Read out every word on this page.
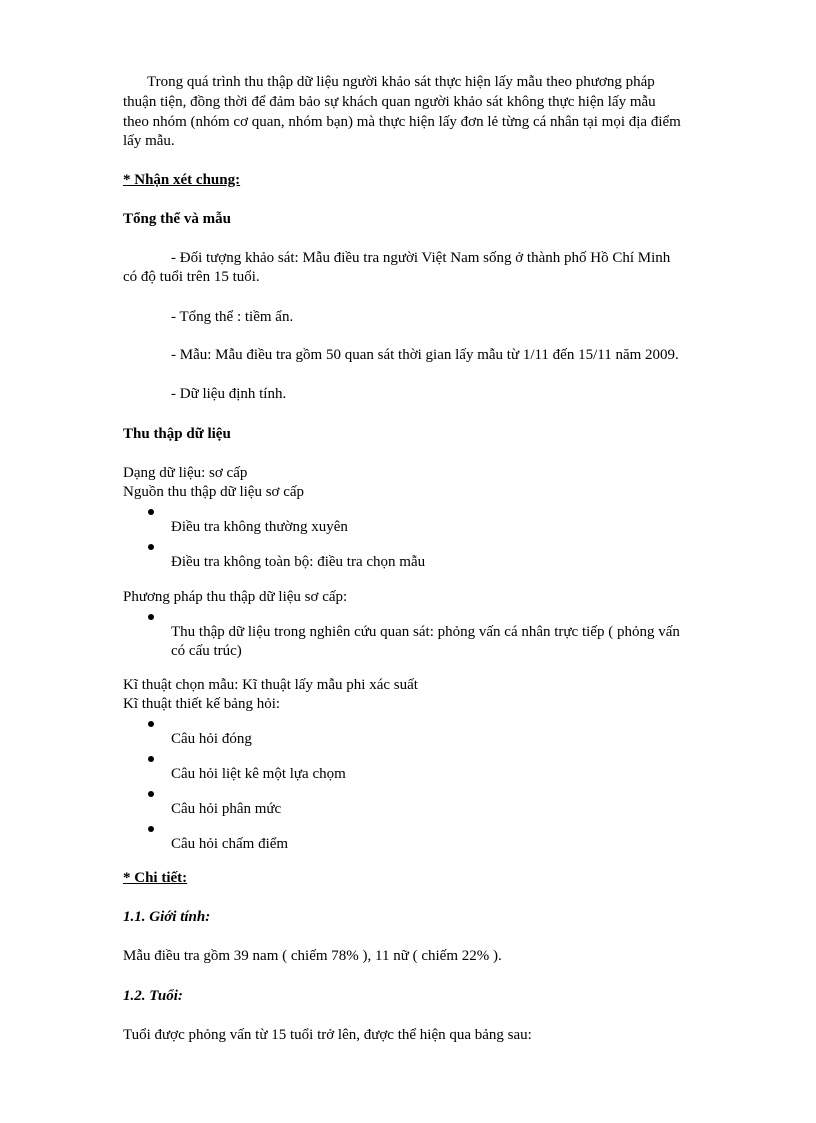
Trong quá trình thu thập dữ liệu người khảo sát thực hiện lấy mẫu theo phương pháp
thuận tiện, đồng thời để đảm bảo sự khách quan người khảo sát không thực hiện lấy mẫu
theo nhóm (nhóm cơ quan, nhóm bạn) mà thực hiện lấy đơn lẻ từng cá nhân tại mọi địa điểm
lấy mẫu.
* Nhận xét chung:
Tổng thể và mẫu
- Đối tượng khảo sát: Mẫu điều tra người Việt Nam sống ở thành phố Hồ Chí Minh
có độ tuổi trên 15 tuổi.
- Tổng thể : tiềm ẩn.
- Mẫu: Mẫu điều tra gồm 50 quan sát thời gian lấy mẫu từ 1/11 đến 15/11 năm 2009.
- Dữ liệu định tính.
Thu thập dữ liệu
Dạng dữ liệu: sơ cấp
Nguồn thu thập dữ liệu sơ cấp
Điều tra không thường xuyên
Điều tra không toàn bộ: điều tra chọn mẫu
Phương pháp thu thập dữ liệu sơ cấp:
Thu thập dữ liệu trong nghiên cứu quan sát: phỏng vấn cá nhân trực tiếp ( phỏng vấn
có cấu trúc)
Kĩ thuật chọn mẫu: Kĩ thuật lấy mẫu phi xác suất
Kĩ thuật thiết kế bảng hỏi:
Câu hỏi đóng
Câu hỏi liệt kê một lựa chọm
Câu hỏi phân mức
Câu hỏi chấm điểm
* Chi tiết:
1.1. Giới tính:
Mẫu điều tra gồm 39 nam ( chiếm 78% ), 11 nữ ( chiếm 22% ).
1.2. Tuổi:
Tuổi được phỏng vấn từ 15 tuổi trở lên, được thể hiện qua bảng sau:
